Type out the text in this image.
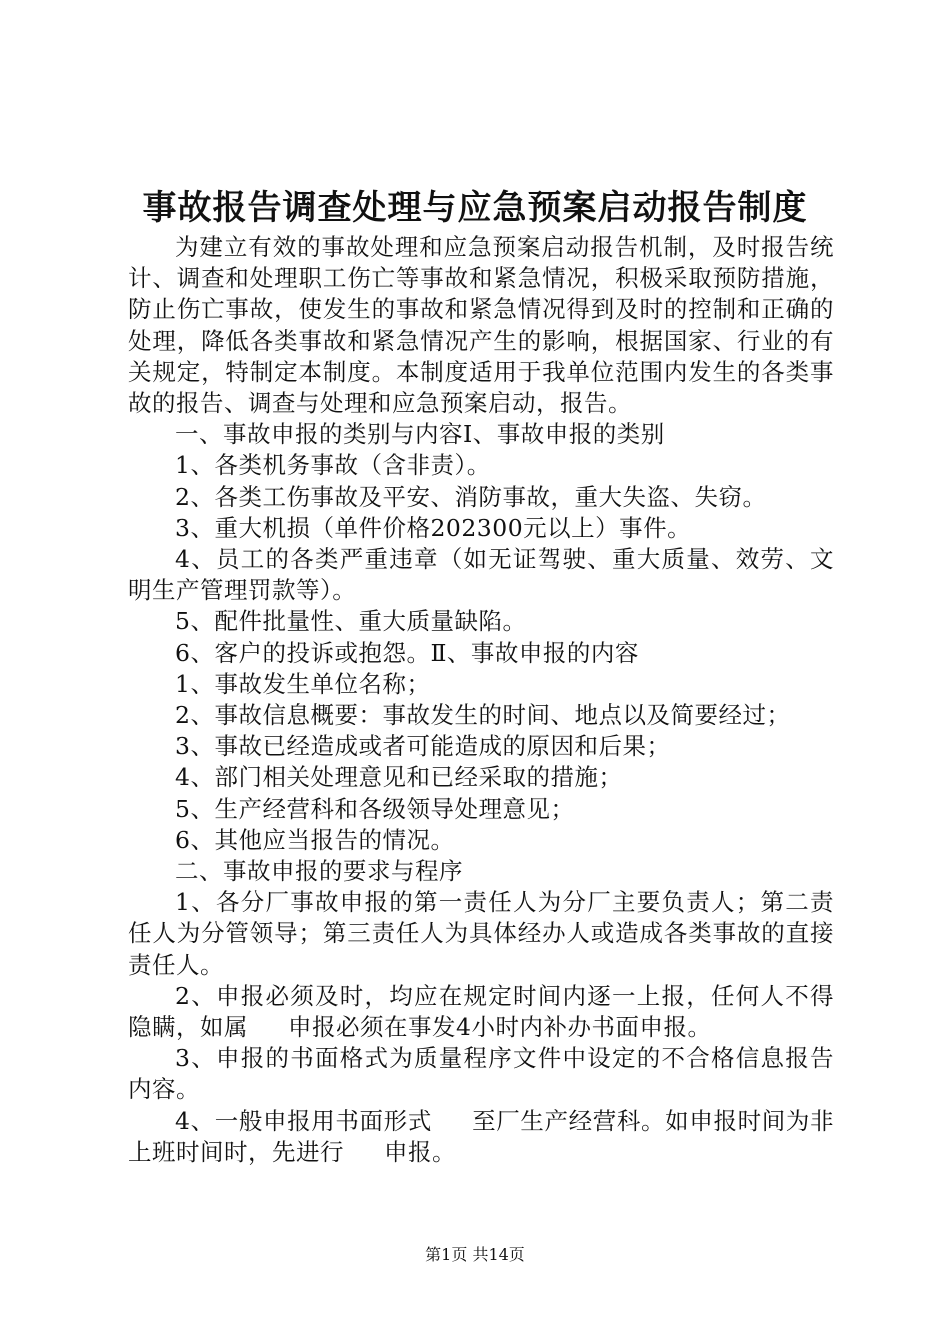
事故报告调查处理与应急预案启动报告制度

为建立有效的事故处理和应急预案启动报告机制，及时报告统计、调查和处理职工伤亡等事故和紧急情况，积极采取预防措施，防止伤亡事故，使发生的事故和紧急情况得到及时的控制和正确的处理，降低各类事故和紧急情况产生的影响，根据国家、行业的有关规定，特制定本制度。本制度适用于我单位范围内发生的各类事故的报告、调查与处理和应急预案启动，报告。

一、事故申报的类别与内容Ⅰ、事故申报的类别

1、各类机务事故（含非责）。

2、各类工伤事故及平安、消防事故，重大失盗、失窃。

3、重大机损（单件价格202300元以上）事件。

4、员工的各类严重违章（如无证驾驶、重大质量、效劳、文明生产管理罚款等）。

5、配件批量性、重大质量缺陷。

6、客户的投诉或抱怨。Ⅱ、事故申报的内容

1、事故发生单位名称；

2、事故信息概要：事故发生的时间、地点以及简要经过；

3、事故已经造成或者可能造成的原因和后果；

4、部门相关处理意见和已经采取的措施；

5、生产经营科和各级领导处理意见；

6、其他应当报告的情况。

二、事故申报的要求与程序

1、各分厂事故申报的第一责任人为分厂主要负责人；第二责任人为分管领导；第三责任人为具体经办人或造成各类事故的直接责任人。

2、申报必须及时，均应在规定时间内逐一上报，任何人不得隐瞒，如属 申报必须在事发4小时内补办书面申报。

3、申报的书面格式为质量程序文件中设定的不合格信息报告内容。

4、一般申报用书面形式 至厂生产经营科。如申报时间为非上班时间时，先进行 申报。

第1页 共14页
